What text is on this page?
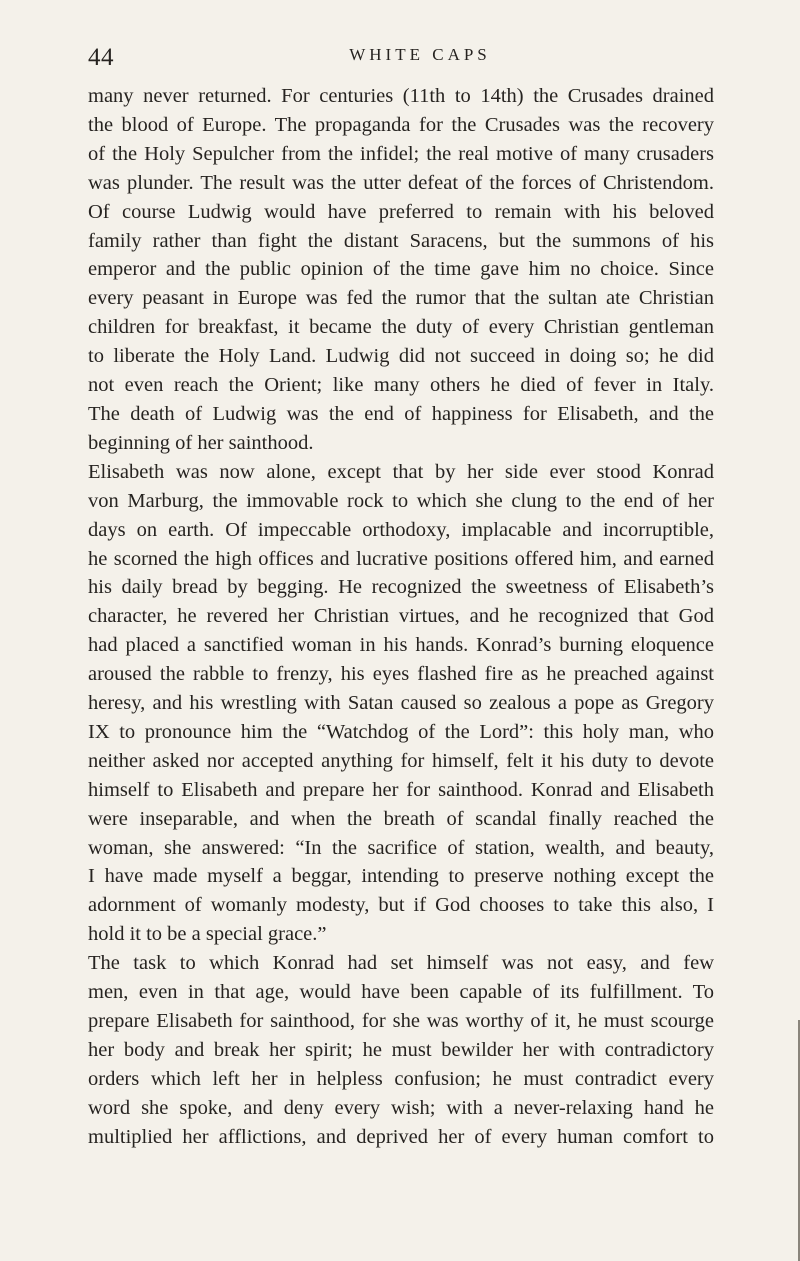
44	WHITE CAPS

many never returned. For centuries (11th to 14th) the Crusades drained

the blood of Europe. The propaganda for the Crusades was the recovery

of the Holy Sepulcher from the infidel; the real motive of many crusaders

was plunder. The result was the utter defeat of the forces of Christendom.

Of course Ludwig would have preferred to remain with his beloved

family rather than fight the distant Saracens, but the summons of his

emperor and the public opinion of the time gave him no choice. Since

every peasant in Europe was fed the rumor that the sultan ate Christian

children for breakfast, it became the duty of every Christian gentleman

to liberate the Holy Land. Ludwig did not succeed in doing so; he did

not even reach the Orient; like many others he died of fever in Italy.

The death of Ludwig was the end of happiness for Elisabeth, and the

beginning of her sainthood.

Elisabeth was now alone, except that by her side ever stood Konrad

von Marburg, the immovable rock to which she clung to the end of her

days on earth. Of impeccable orthodoxy, implacable and incorruptible,

he scorned the high offices and lucrative positions offered him, and earned

his daily bread by begging. He recognized the sweetness of Elisabeth’s

character, he revered her Christian virtues, and he recognized that God

had placed a sanctified woman in his hands. Konrad’s burning eloquence

aroused the rabble to frenzy, his eyes flashed fire as he preached against

heresy, and his wrestling with Satan caused so zealous a pope as Gregory

IX to pronounce him the “Watchdog of the Lord”: this holy man, who

neither asked nor accepted anything for himself, felt it his duty to devote

himself to Elisabeth and prepare her for sainthood. Konrad and Elisabeth

were inseparable, and when the breath of scandal finally reached the

woman, she answered: “In the sacrifice of station, wealth, and beauty,

I have made myself a beggar, intending to preserve nothing except the

adornment of womanly modesty, but if God chooses to take this also, I

hold it to be a special grace.”

The task to which Konrad had set himself was not easy, and few

men, even in that age, would have been capable of its fulfillment. To

prepare Elisabeth for sainthood, for she was worthy of it, he must scourge

her body and break her spirit; he must bewilder her with contradictory

orders which left her in helpless confusion; he must contradict every

word she spoke, and deny every wish; with a never-relaxing hand he

multiplied her afflictions, and deprived her of every human comfort to
